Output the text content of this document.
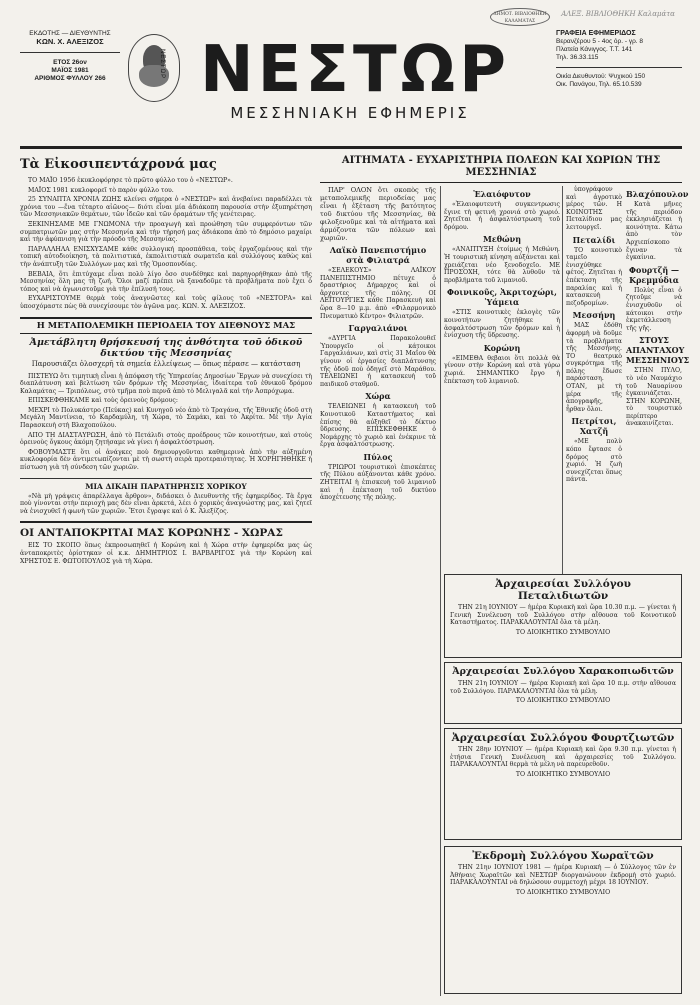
ΕΚΔΟΤΗΣ — ΔΙΕΥΘΥΝΤΗΣ
ΚΩΝ. Χ. ΑΛΕΞΙΖΟΣ
ΕΤΟΣ 26ον
ΜΑΪΟΣ 1981
ΑΡΙΘΜΟΣ ΦΥΛΛΟΥ 266	ΝΕΣΤΩΡ ΝΕΣΤΩΡ
ΜΕΣΣΗΝΙΑΚΗ ΕΦΗΜΕΡΙΣ
ΔΗΜΟΤ. ΒΙΒΛΙΟΘΗΚΗ ΚΑΛΑΜΑΤΑΣ
ΑΛΕΞ. ΒΙΒΛΙΟΘΗΚΗ Καλαμάτα
ΓΡΑΦΕΙΑ ΕΦΗΜΕΡΙΔΟΣ
Βερανζέρου 5 - 4ος όρ. - γρ. 8
Πλατεία Κάνιγγος. Τ.Τ. 141
Τηλ. 36.33.115
Οικία Διευθυντού: Ψυχικού 150
Οικ. Πανάγου, Τηλ. 65.10.539
Τὰ Εἰκοσιπεντάχρονά μας
ΤΟ ΜΑΪΟ 1956 ἐκυκλοφόρησε τὸ πρῶτο φύλλο του ὁ «ΝΕΣΤΩΡ».
ΜΑΪΟΣ 1981 κυκλοφορεῖ τὸ παρὸν φύλλο του.
25 ΣΥΝΑΠΤΑ ΧΡΟΝΙΑ ΖΩΗΣ κλείνει σήμερα ὁ «ΝΕΣΤΩΡ» καὶ ἀνεβαίνει παραδέλλει τὰ χρόνια του —ἕνα τέταρτο αἰῶνος— διότι εἶναι μία ἀδιάκοπη παρουσία στὴν ἐξυπηρέτηση τῶν Μεσσηνιακῶν θεμάτων, τῶν ἰδεῶν καὶ τῶν ὁραμάτων τῆς γενέτειρας.
ΞΕΚΙΝΗΣΑΜΕ ΜΕ ΓΝΩΜΟΝΑ τὴν προαγωγὴ καὶ προώθηση τῶν συμφερόντων τῶν συμπατριωτῶν μας στὴν Μεσσηνία καὶ τὴν τήρησή μας ἀδιάκοπα ἀπὸ τὸ δημόσιο μαχαίρι καὶ τὴν ἀφύπνιση γιὰ τὴν πρόοδο τῆς Μεσσηνίας.
ΠΑΡΑΛΛΗΛΑ ΕΝΙΣΧΥΣΑΜΕ κάθε συλλογική προσπάθεια, τοὺς ἐργαζομένους καὶ τὴν τοπικὴ αὐτοδιοίκηση, τὰ πολιτιστικά, ἐκπολιτιστικὰ σωματεῖα καὶ συλλόγους καθὼς καὶ τὴν ἀνάπτυξη τῶν Συλλόγων μας καὶ τῆς Ὁμοσπονδίας.
ΒΕΒΑΙΑ, ὅτι ἐπιτύχαμε εἶναι πολὺ λίγο ὅσο συνδέθηκε καὶ παρηγορήθηκαν ἀπὸ τῆς Μεσσηνίας ὅλη μας τὴ ζωή. Ὅλοι μαζί πρέπει νὰ ξαναδοῦμε τὰ προβλήματα ποὺ ἔχει ὁ τόπος καὶ νὰ ἀγωνιστοῦμε γιὰ τὴν ἐπίλυσή τους.
ΕΥΧΑΡΙΣΤΟΥΜΕ θερμὰ τοὺς ἀναγνῶστες καὶ τοὺς φίλους τοῦ «ΝΕΣΤΟΡΑ» καὶ ὑποσχόμαστε πὼς θὰ συνεχίσουμε τὸν ἀγῶνα μας. ΚΩΝ. Χ. ΑΛΕΞΙΖΟΣ.
Η ΜΕΤΑΠΟΛΕΜΙΚΗ ΠΕΡΙΟΔΕΙΑ ΤΟΥ ΔΙΕΘΝΟΥΣ ΜΑΣ
Ἀμετάβλητη θρήσκευσή της ἀνθότητα τοῦ ὁδικοῦ δικτύου τῆς Μεσσηνίας
Παρουσιάζει ὁλοσχερῆ τὰ σημεία ἐλλείψεως — ὅπως πέρασε — κατάσταση
ΠΙΣΤΕΥΩ ὅτι τιμητικὴ εἶναι ἡ ἀπόφαση τῆς Ὑπηρεσίας Δημοσίων Ἔργων νὰ συνεχίσει τὴ διαπλάτυνση καὶ βελτίωση τῶν δρόμων τῆς Μεσσηνίας, ἰδιαίτερα τοῦ ἐθνικοῦ δρόμου Καλαμάτας — Τριπόλεως, στὸ τμῆμα ποὺ περνᾶ ἀπὸ τὸ Μελιγαλᾶ καὶ τὴν Ἀσπρόχωμα.
ΕΠΙΣΚΕΦΘΗΚΑΜΕ καὶ τοὺς ὀρεινοὺς δρόμους:
ΜΕΧΡΙ τὸ Πολυκάστρο (Πεύκας) καὶ Κυνηγοῦ νέο ἀπὸ τὸ Τραγάνα, τῆς Ἐθνικῆς ὁδοῦ στὴ Μεγάλη Μαντίνεια, τὸ Καρδαμύλη, τὴ Χώρα, τὸ Σαμάκι, καὶ τὸ Ἀκρίτα. Μὲ τὴν Ἀγία Παρασκευὴ στὴ Βλαχοπούλου.
ΑΠΟ ΤΗ ΔΙΑΣΤΑΥΡΩΣΗ, ἀπὸ τὸ Πετάλιδι στοὺς προέδρους τῶν κοινοτήτων, καὶ στοὺς ὀρεινοὺς ὄγκους ἀκόμη ζητήσαμε νὰ γίνει ἡ ἀσφαλτόστρωση.
ΦΟΒΟΥΜΑΣΤΕ ὅτι οἱ ἀνάγκες ποὺ δημιουργοῦνται καθημερινὰ ἀπὸ τὴν αὐξημένη κυκλοφορία δὲν ἀντιμετωπίζονται μὲ τὴ σωστὴ σειρὰ προτεραιότητας. Ἡ ΧΟΡΗΓΗΘΗΚΕ ἡ πίστωση γιὰ τὴ σύνδεση τῶν χωριῶν.
ΜΙΑ ΔΙΚΑΙΗ ΠΑΡΑΤΗΡΗΣΙΣ ΧΟΡΙΚΟΥ
«Νὰ μὴ γράψεις ἀπαρέλλαγα ἄρθρον», διδάσκει ὁ Διευθυντὴς τῆς ἐφημερίδος. Τὰ ἔργα ποὺ γίνονται στὴν περιοχὴ μας δὲν εἶναι ἀρκετά, λέει ὁ χορικὸς ἀναγνώστης μας, καὶ ζητεῖ νὰ ἐνισχυθεῖ ἡ φωνὴ τῶν χωριῶν. Ἔτσι ἔγραψε καὶ ὁ Κ. Ἀλεξίζος.
ΟΙ ΑΝΤΑΠΟΚΡΙΤΑΙ ΜΑΣ ΚΟΡΩΝΗΣ - ΧΩΡΑΣ
ΕΙΣ ΤΟ ΣΚΟΠΟ ὅπως ἐκπροσωπηθεῖ ἡ Κορώνη καὶ ἡ Χώρα στὴν ἐφημερίδα μας ὡς ἀνταποκριτὲς ὁρίστηκαν οἱ κ.κ. ΔΗΜΗΤΡΙΟΣ Ι. ΒΑΡΒΑΡΙΓΟΣ γιὰ τὴν Κορώνη καὶ ΧΡΗΣΤΟΣ Ε. ΦΩΤΟΠΟΥΛΟΣ γιὰ τὴ Χώρα.
ΑΙΤΗΜΑΤΑ - ΕΥΧΑΡΙΣΤΗΡΙΑ ΠΟΛΕΩΝ ΚΑΙ ΧΩΡΙΩΝ ΤΗΣ ΜΕΣΣΗΝΙΑΣ
ΠΑΡ' ΟΛΟΝ ὅτι σκοπὸς τῆς μεταπολεμικῆς περιοδείας μας εἶναι ἡ ἐξέταση τῆς βατότητος τοῦ δικτύου τῆς Μεσσηνίας, θὰ φιλοξενοῦμε καὶ τὰ αἰτήματα καὶ ἀρμόζοντα τῶν πόλεων καὶ χωριῶν.
Λαϊκὸ Πανεπιστήμιο στὰ Φιλιατρά
«ΣΕΛΕΚΟΥΣ» ΛΑΪΚΟΥ ΠΑΝΕΠΙΣΤΗΜΙΟ πέτυχε ὁ δραστήριος Δήμαρχος καὶ οἱ ἄρχοντες τῆς πόλης. ΟΙ ΛΕΙΤΟΥΡΓΙΕΣ κάθε Παρασκευὴ καὶ ὥρα 8—10 μ.μ. ἀπὸ «Φιλαρμονικὸ Πνευματικὸ Κέντρο» Φιλιατρῶν.
Γαργαλιάνοι
«ΔΥΡΓΙΑ Παρακολουθεῖ Ὑπουργεῖο οἱ κάτοικοι Γαργαλιάνων, καὶ στὶς 31 Μαΐου θὰ γίνουν οἱ ἐργασίες διαπλάτυνσης τῆς ὁδοῦ ποὺ ὁδηγεῖ στὸ Μαράθου. ΤΕΛΕΙΩΝΕΙ ἡ κατασκευὴ τοῦ παιδικοῦ σταθμοῦ.
Χώρα
ΤΕΛΕΙΩΝΕΙ ἡ κατασκευὴ τοῦ Κοινοτικοῦ Καταστήματος καὶ ἐπίσης θὰ αὐξηθεῖ τὸ δίκτυο ὕδρευσης. ΕΠΙΣΚΕΦΘΗΚΕ ὁ Νομάρχης τὸ χωριὸ καὶ ἐνέκρινε τὰ ἔργα ἀσφαλτόστρωσης.
Πύλος
ΤΡΙΩΡΟΙ τουριστικοὶ ἐπισκέπτες τῆς Πύλου αὐξάνονται κάθε χρόνο. ΖΗΤΕΙΤΑΙ ἡ ἐπισκευὴ τοῦ λιμανιοῦ καὶ ἡ ἐπέκταση τοῦ δικτύου ἀποχέτευσης τῆς πόλης.
Ἐλαιόφυτον
«Ἐλαιοφυτευτὴ συγκεντρωσις ἔγινε τὴ φετινὴ χρονιά στὸ χωριό. Ζητεῖται ἡ ἀσφαλτόστρωση τοῦ δρόμου.
Μεθώνη
«ΑΝΑΠΤΥΞΗ ἐτοίμως ἡ Μεθώνη. Ἡ τουριστικὴ κίνηση αὐξάνεται καὶ χρειάζεται νέο ξενοδοχεῖο. ΜΕ ΠΡΟΣΟΧΗ, τότε θὰ λυθοῦν τὰ προβλήματα τοῦ λιμανιοῦ.
Φοινικοῦς, Ἀκριτοχώρι, Ὑάμεια
«ΣΤΙΣ κοινοτικὲς ἐκλογὲς τῶν κοινοτήτων ζητήθηκε ἡ ἀσφαλτόστρωση τῶν δρόμων καὶ ἡ ἐνίσχυση τῆς ὕδρευσης.
Κορώνη
«ΕΙΜΕΘΑ θεβαιοι ὅτι πολλὰ θὰ γίνουν στὴν Κορώνη καὶ στὰ γύρω χωριά. ΣΗΜΑΝΤΙΚΟ ἔργο ἡ ἐπέκταση τοῦ λιμανιοῦ.
ὑπογράφουν καὶ ἀγροτικὸ μέρος τῶν. Η ΚΟΙΝΟΤΗΣ Πεταλίδιου μας λειτουργεῖ.
Πεταλίδι
ΤΟ κοινοτικὸ ταμεῖο ἐνισχύθηκε φέτος. Ζητεῖται ἡ ἐπέκταση τῆς παραλίας καὶ ἡ κατασκευὴ πεζοδρομίων.
Μεσσήνη
ΜΑΣ ἐδόθη ἀφορμὴ νὰ δοῦμε τὰ προβλήματα τῆς Μεσσήνης. ΤΟ θεατρικὸ συγκρότημα τῆς πόλης ἔδωσε παράσταση. ΟΤΑΝ, μὲ τὴ μέρα τῆς ἀπογραφῆς, ἦρθαν ὅλοι.
Πετρίτσι, Χατζῆ
«ΜΕ πολὺ κόπο ἔφτασε ὁ δρόμος στὸ χωριό. Ἡ ζωὴ συνεχίζεται ὅπως πάντα.
Βλαχόπουλον
Κατὰ μῆνες τῆς περιόδου ἐκκλησιάζεται ἡ κοινότητα. Κάτω ἀπὸ τὸν Ἀρχιεπίσκοπο ἔγιναν τὰ ἐγκαίνια.
Φουρτζῆ — Κρεμμύδια
Πολὺς εἶναι ὁ ζητοῦμε νὰ ἐνισχυθοῦν οἱ κάτοικοι στὴν ἐκμετάλλευση τῆς γῆς.
ΣΤΟΥΣ ΑΠΑΝΤΑΧΟΥ ΜΕΣΣΗΝΙΟΥΣ
ΣΤΗΝ ΠΥΛΟ, τὸ νέο Ναυμάχιο τοῦ Ναυαρίνου ἐγκαινιάζεται. ΣΤΗΝ ΚΟΡΩΝΗ, τὸ τουριστικὸ περίπτερο ἀνακαινίζεται.
Ἀρχαιρεσίαι Συλλόγου Πεταλιδιωτῶν
ΤΗΝ 21η ΙΟΥΝΙΟΥ — ἡμέρα Κυριακὴ καὶ ὥρα 10.30 π.μ. — γίνεται ἡ Γενικὴ Συνέλευση τοῦ Συλλόγου στὴν αἴθουσα τοῦ Κοινοτικοῦ Καταστήματος. ΠΑΡΑΚΑΛΟΥΝΤΑΙ ὅλα τὰ μέλη.
ΤΟ ΔΙΟΙΚΗΤΙΚΟ ΣΥΜΒΟΥΛΙΟ
Ἀρχαιρεσίαι Συλλόγου Χαρακοπιωδιτῶν
ΤΗΝ 21η ΙΟΥΝΙΟΥ — ἡμέρα Κυριακὴ καὶ ὥρα 10 π.μ. στὴν αἴθουσα τοῦ Συλλόγου. ΠΑΡΑΚΑΛΟΥΝΤΑΙ ὅλα τὰ μέλη.
ΤΟ ΔΙΟΙΚΗΤΙΚΟ ΣΥΜΒΟΥΛΙΟ
Ἀρχαιρεσίαι Συλλόγου Φουρτζιωτῶν
ΤΗΝ 28ην ΙΟΥΝΙΟΥ — ἡμέρα Κυριακὴ καὶ ὥρα 9.30 π.μ. γίνεται ἡ ἐτήσια Γενικὴ Συνέλευση καὶ ἀρχαιρεσίες τοῦ Συλλόγου. ΠΑΡΑΚΑΛΟΥΝΤΑΙ θερμὰ τὰ μέλη νὰ παρευρεθοῦν.
ΤΟ ΔΙΟΙΚΗΤΙΚΟ ΣΥΜΒΟΥΛΙΟ
Ἐκδρομὴ Συλλόγου Χωραϊτῶν
ΤΗΝ 21ην ΙΟΥΝΙΟΥ 1981 — ἡμέρα Κυριακὴ — ὁ Σύλλογος τῶν ἐν Ἀθήναις Χωραϊτῶν καὶ ΝΕΣΤΩΡ διοργανώνουν ἐκδρομὴ στὸ χωριό. ΠΑΡΑΚΑΛΟΥΝΤΑΙ νὰ δηλώσουν συμμετοχὴ μέχρι 18 ΙΟΥΝΙΟΥ.
ΤΟ ΔΙΟΙΚΗΤΙΚΟ ΣΥΜΒΟΥΛΙΟ
